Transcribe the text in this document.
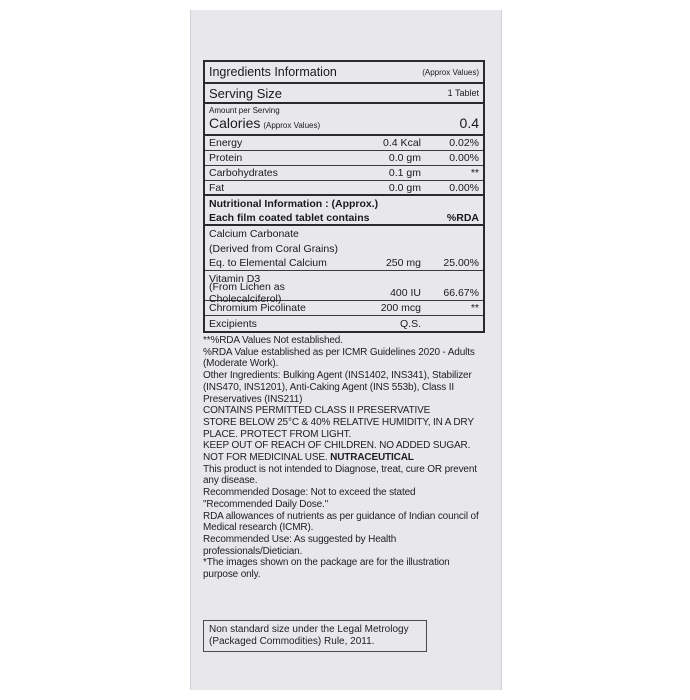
Ingredients Information	(Approx Values)
Serving Size	1 Tablet
Amount per Serving
Calories (Approx Values)	0.4
Energy	0.4 Kcal	0.02%
Protein	0.0 gm	0.00%
Carbohydrates	0.1 gm	**
Fat	0.0 gm	0.00%
Nutritional Information : (Approx.)
Each film coated tablet contains	%RDA
Calcium Carbonate
(Derived from Coral Grains)
Eq. to Elemental Calcium	250 mg	25.00%
Vitamin D3
(From Lichen as Cholecalciferol)	400 IU	66.67%
Chromium Picolinate	200 mcg	**
Excipients	Q.S.

**%RDA Values Not established.

%RDA Value established as per ICMR Guidelines 2020 - Adults (Moderate Work).

Other Ingredients: Bulking Agent (INS1402, INS341), Stabilizer (INS470, INS1201), Anti-Caking Agent (INS 553b), Class II Preservatives (INS211)

CONTAINS PERMITTED CLASS II PRESERVATIVE

STORE BELOW 25°C & 40% RELATIVE HUMIDITY, IN A DRY PLACE. PROTECT FROM LIGHT.

KEEP OUT OF REACH OF CHILDREN. NO ADDED SUGAR.

NOT FOR MEDICINAL USE. NUTRACEUTICAL

This product is not intended to Diagnose, treat, cure OR prevent any disease.

Recommended Dosage: Not to exceed the stated "Recommended Daily Dose."

RDA allowances of nutrients as per guidance of Indian council of Medical research (ICMR).

Recommended Use: As suggested by Health professionals/Dietician.

*The images shown on the package are for the illustration purpose only.

Non standard size under the Legal Metrology (Packaged Commodities) Rule, 2011.
